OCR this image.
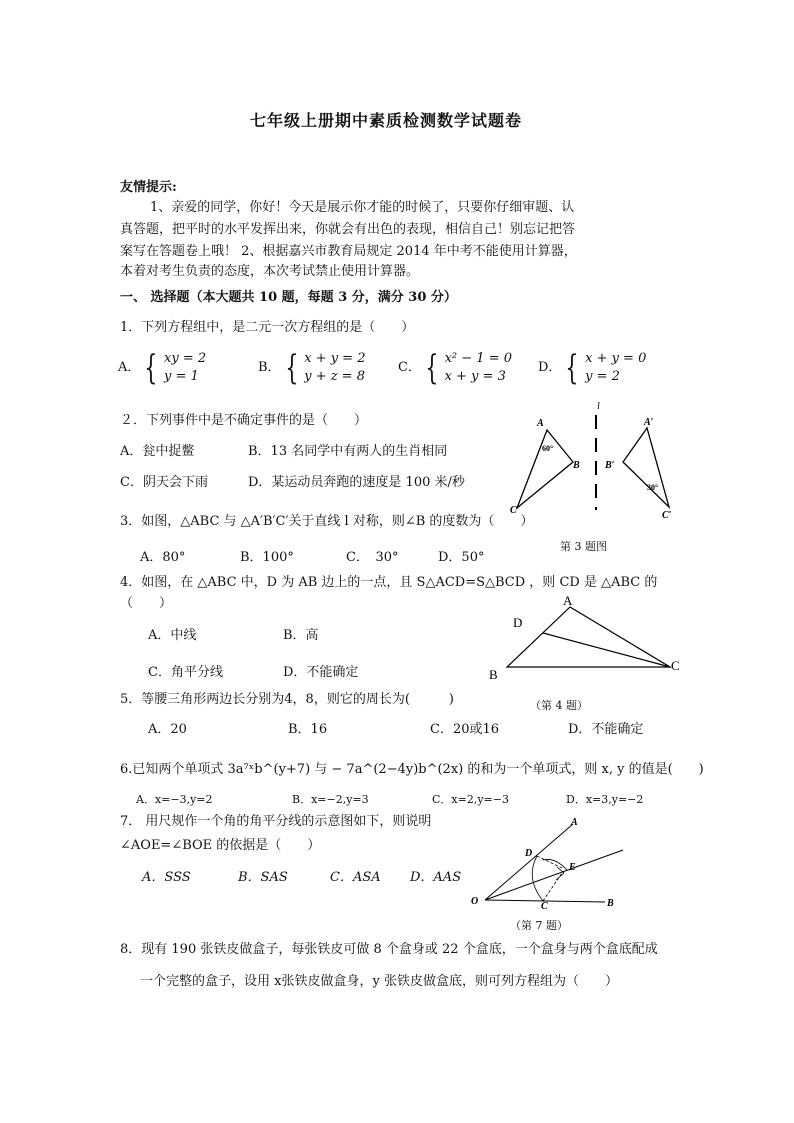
七年级上册期中素质检测数学试题卷
友情提示:
1、亲爱的同学，你好！今天是展示你才能的时候了，只要你仔细审题、认
真答题，把平时的水平发挥出来，你就会有出色的表现，相信自己！别忘记把答
案写在答题卷上哦！ 2、根据嘉兴市教育局规定 2014 年中考不能使用计算器，
本着对考生负责的态度，本次考试禁止使用计算器。
一、 选择题（本大题共 10 题，每题 3 分，满分 30 分）
1．下列方程组中，是二元一次方程组的是（　　）
A． { xy = 2
y = 1
B． { x + y = 2
y + z = 8
C． { x² − 1 = 0
x + y = 3
D． { x + y = 0
y = 2
２．下列事件中是不确定事件的是（　　）
A．瓮中捉鳖	B．13 名同学中有两人的生肖相同
C．阴天会下雨	D．某运动员奔跑的速度是 100 米/秒
l
A
60°
B
C
A′
B′
30°
C′
第 3 题图
3．如图，△ABC 与 △A′B′C′关于直线 l 对称，则∠B 的度数为（　　）
A．80°	B．100°	C．　30°	D．50°
4．如图，在 △ABC 中，D 为 AB 边上的一点，且 S△ACD=S△BCD ，则 CD 是 △ABC 的
（　　）
A．中线	B．高
C．角平分线	D．不能确定
A
D
B
C
（第 4 题）
5．等腰三角形两边长分别为4，8，则它的周长为(　　　)
A．20	B．16	C．20或16	D．不能确定
6.已知两个单项式 3a⁷ˣb^(y+7) 与 − 7a^(2−4y)b^(2x) 的和为一个单项式，则 x, y 的值是(　　)
A．x=−3,y=2	B．x=−2,y=3	C．x=2,y=−3	D．x=3,y=−2
7． 用尺规作一个角的角平分线的示意图如下，则说明
∠AOE=∠BOE 的依据是（　　）
A．SSS	B．SAS	C．ASA D．AAS
O
A
B
C
D
E
（第 7 题）
8．现有 190 张铁皮做盒子，每张铁皮可做 8 个盒身或 22 个盒底，一个盒身与两个盒底配成
一个完整的盒子，设用 x张铁皮做盒身，y 张铁皮做盒底，则可列方程组为（　　）
